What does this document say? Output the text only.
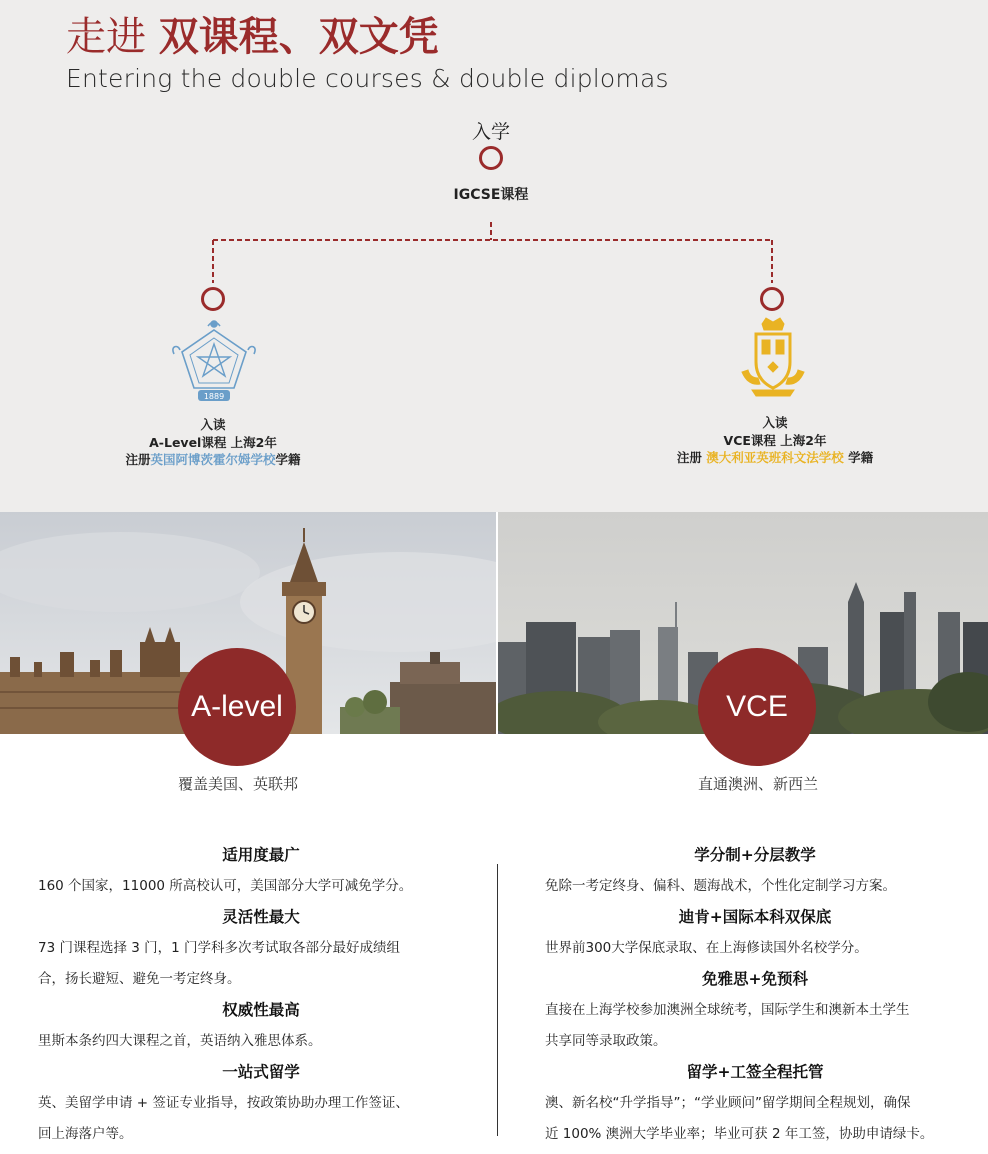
走进 双课程、双文凭
Entering the double courses & double diplomas
入学
IGCSE课程
1889
入读
A-Level课程 上海2年
注册英国阿博茨霍尔姆学校学籍
入读
VCE课程 上海2年
注册 澳大利亚英班科文法学校 学籍
A-level	VCE
覆盖美国、英联邦	直通澳洲、新西兰
适用度最广
160 个国家，11000 所高校认可，美国部分大学可减免学分。
灵活性最大
73 门课程选择 3 门，1 门学科多次考试取各部分最好成绩组
合，扬长避短、避免一考定终身。
权威性最高
里斯本条约四大课程之首，英语纳入雅思体系。
一站式留学
英、美留学申请 + 签证专业指导，按政策协助办理工作签证、
回上海落户等。
学分制+分层教学
免除一考定终身、偏科、题海战术，个性化定制学习方案。
迪肯+国际本科双保底
世界前300大学保底录取、在上海修读国外名校学分。
免雅思+免预科
直接在上海学校参加澳洲全球统考，国际学生和澳新本土学生
共享同等录取政策。
留学+工签全程托管
澳、新名校“升学指导”；“学业顾问”留学期间全程规划，确保
近 100% 澳洲大学毕业率；毕业可获 2 年工签，协助申请绿卡。
